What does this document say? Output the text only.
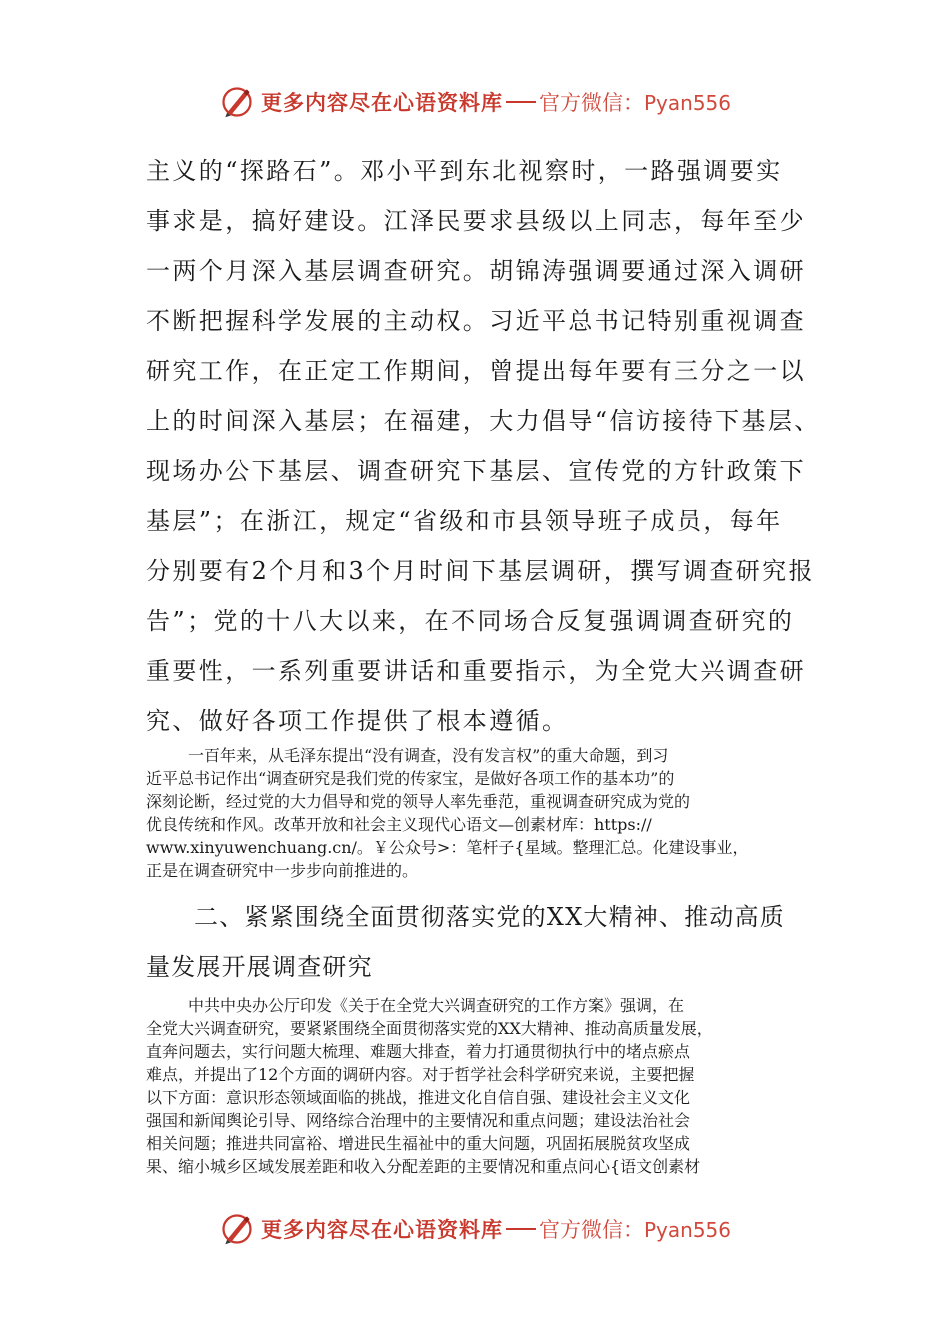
更多内容尽在心语资料库 官方微信：Pyan556
主义的“探路石”。邓小平到东北视察时，一路强调要实
事求是，搞好建设。江泽民要求县级以上同志，每年至少
一两个月深入基层调查研究。胡锦涛强调要通过深入调研
不断把握科学发展的主动权。习近平总书记特别重视调查
研究工作，在正定工作期间，曾提出每年要有三分之一以
上的时间深入基层；在福建，大力倡导“信访接待下基层、
现场办公下基层、调查研究下基层、宣传党的方针政策下
基层”；在浙江，规定“省级和市县领导班子成员，每年
分别要有2个月和3个月时间下基层调研，撰写调查研究报
告”；党的十八大以来，在不同场合反复强调调查研究的
重要性，一系列重要讲话和重要指示，为全党大兴调查研
究、做好各项工作提供了根本遵循。
一百年来，从毛泽东提出“没有调查，没有发言权”的重大命题，到习
近平总书记作出“调查研究是我们党的传家宝，是做好各项工作的基本功”的
深刻论断，经过党的大力倡导和党的领导人率先垂范，重视调查研究成为党的
优良传统和作风。改革开放和社会主义现代心语文—创素材库：https://
www.xinyuwenchuang.cn/。￥公众号>：笔杆子{星域。整理汇总。化建设事业，
正是在调查研究中一步步向前推进的。
二、紧紧围绕全面贯彻落实党的XX大精神、推动高质
量发展开展调查研究
中共中央办公厅印发《关于在全党大兴调查研究的工作方案》强调，在
全党大兴调查研究，要紧紧围绕全面贯彻落实党的XX大精神、推动高质量发展，
直奔问题去，实行问题大梳理、难题大排查，着力打通贯彻执行中的堵点瘀点
难点，并提出了12个方面的调研内容。对于哲学社会科学研究来说，主要把握
以下方面：意识形态领域面临的挑战，推进文化自信自强、建设社会主义文化
强国和新闻舆论引导、网络综合治理中的主要情况和重点问题；建设法治社会
相关问题；推进共同富裕、增进民生福祉中的重大问题，巩固拓展脱贫攻坚成
果、缩小城乡区域发展差距和收入分配差距的主要情况和重点问心{语文创素材
更多内容尽在心语资料库 官方微信：Pyan556
